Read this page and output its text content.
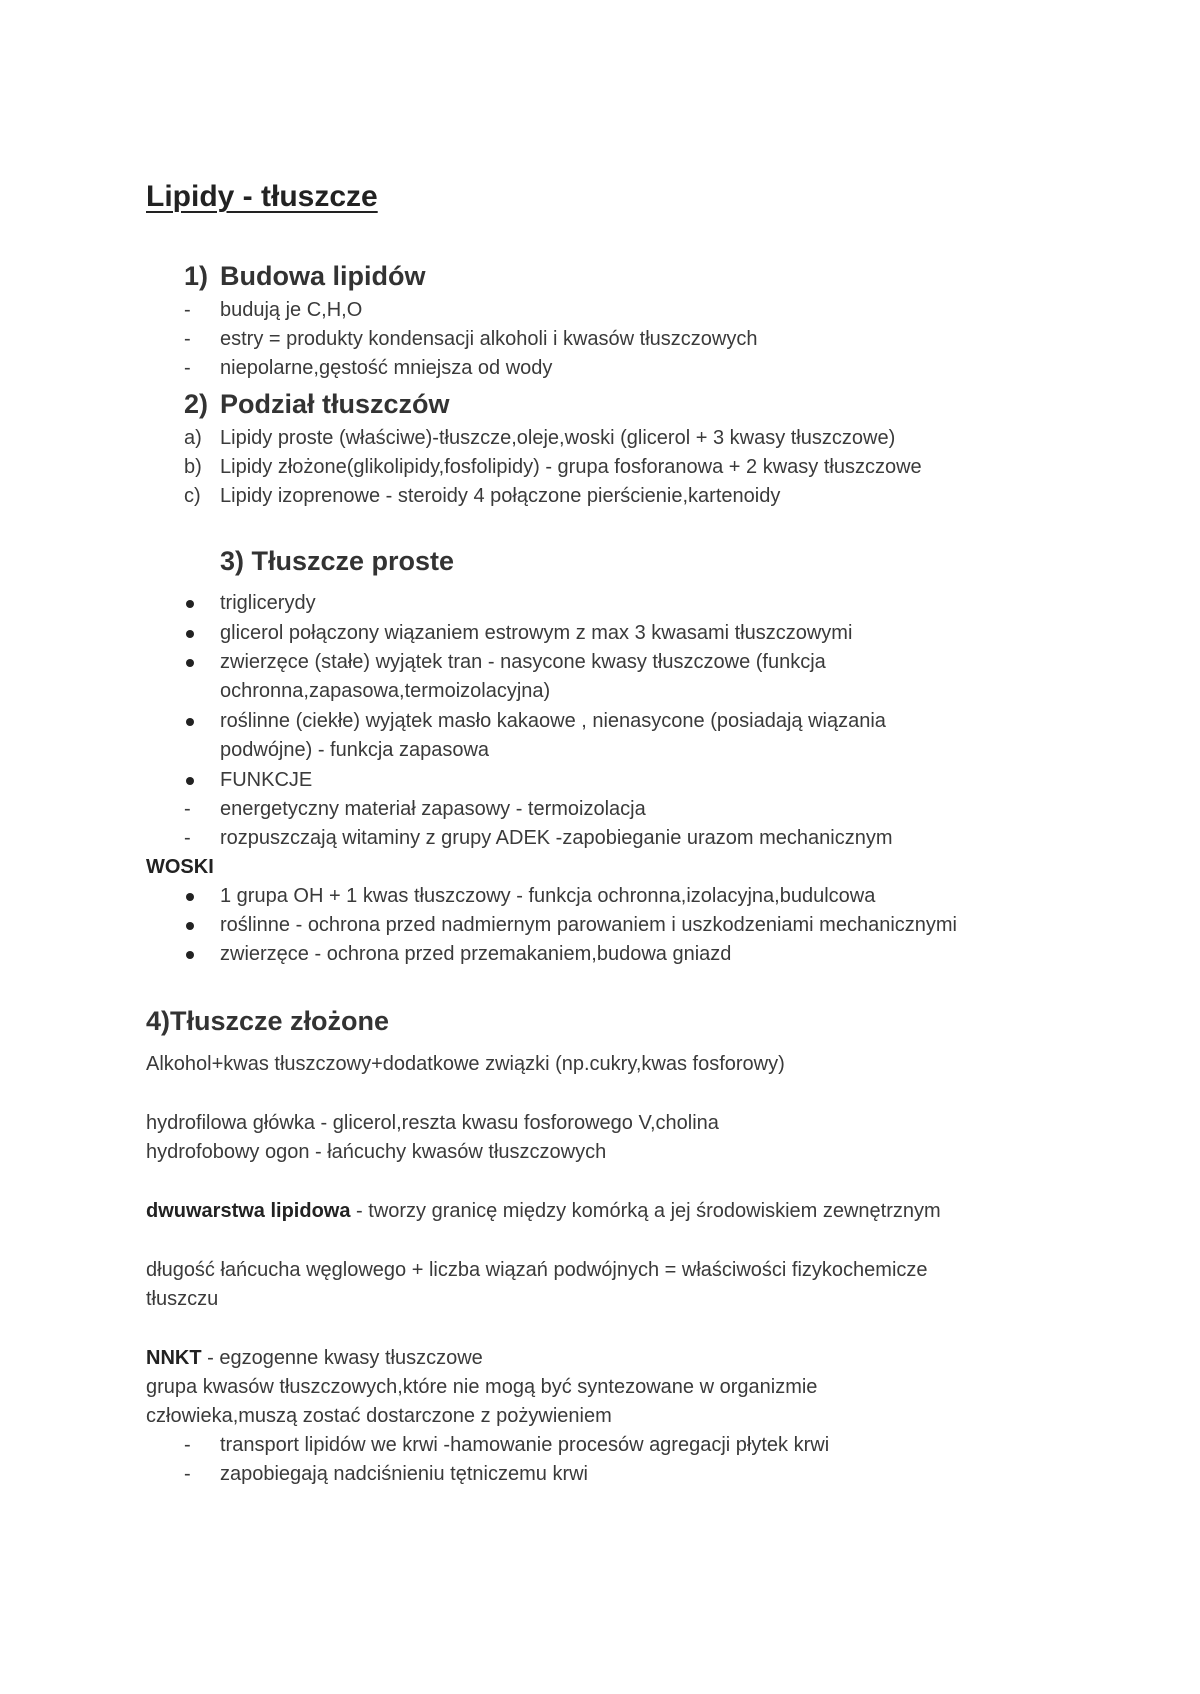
Lipidy - tłuszcze
1) Budowa lipidów
- budują je C,H,O

- estry = produkty kondensacji alkoholi i kwasów tłuszczowych

- niepolarne,gęstość mniejsza od wody

2) Podział tłuszczów
a) Lipidy proste (właściwe)-tłuszcze,oleje,woski (glicerol + 3 kwasy tłuszczowe)

b) Lipidy złożone(glikolipidy,fosfolipidy) - grupa fosforanowa + 2 kwasy tłuszczowe

c) Lipidy izoprenowe - steroidy 4 połączone pierścienie,kartenoidy

3) Tłuszcze proste

triglicerydy

glicerol połączony wiązaniem estrowym z max 3 kwasami tłuszczowymi

zwierzęce (stałe) wyjątek tran - nasycone kwasy tłuszczowe (funkcja

ochronna,zapasowa,termoizolacyjna)

roślinne (ciekłe) wyjątek masło kakaowe , nienasycone (posiadają wiązania

podwójne) - funkcja zapasowa

FUNKCJE

- energetyczny materiał zapasowy - termoizolacja

- rozpuszczają witaminy z grupy ADEK -zapobieganie urazom mechanicznym

WOSKI

1 grupa OH + 1 kwas tłuszczowy - funkcja ochronna,izolacyjna,budulcowa

roślinne - ochrona przed nadmiernym parowaniem i uszkodzeniami mechanicznymi

zwierzęce - ochrona przed przemakaniem,budowa gniazd

4)Tłuszcze złożone

Alkohol+kwas tłuszczowy+dodatkowe związki (np.cukry,kwas fosforowy)

hydrofilowa główka - glicerol,reszta kwasu fosforowego V,cholina

hydrofobowy ogon - łańcuchy kwasów tłuszczowych

dwuwarstwa lipidowa - tworzy granicę między komórką a jej środowiskiem zewnętrznym

długość łańcucha węglowego + liczba wiązań podwójnych = właściwości fizykochemicze

tłuszczu

NNKT - egzogenne kwasy tłuszczowe

grupa kwasów tłuszczowych,które nie mogą być syntezowane w organizmie

człowieka,muszą zostać dostarczone z pożywieniem

- transport lipidów we krwi -hamowanie procesów agregacji płytek krwi

- zapobiegają nadciśnieniu tętniczemu krwi
